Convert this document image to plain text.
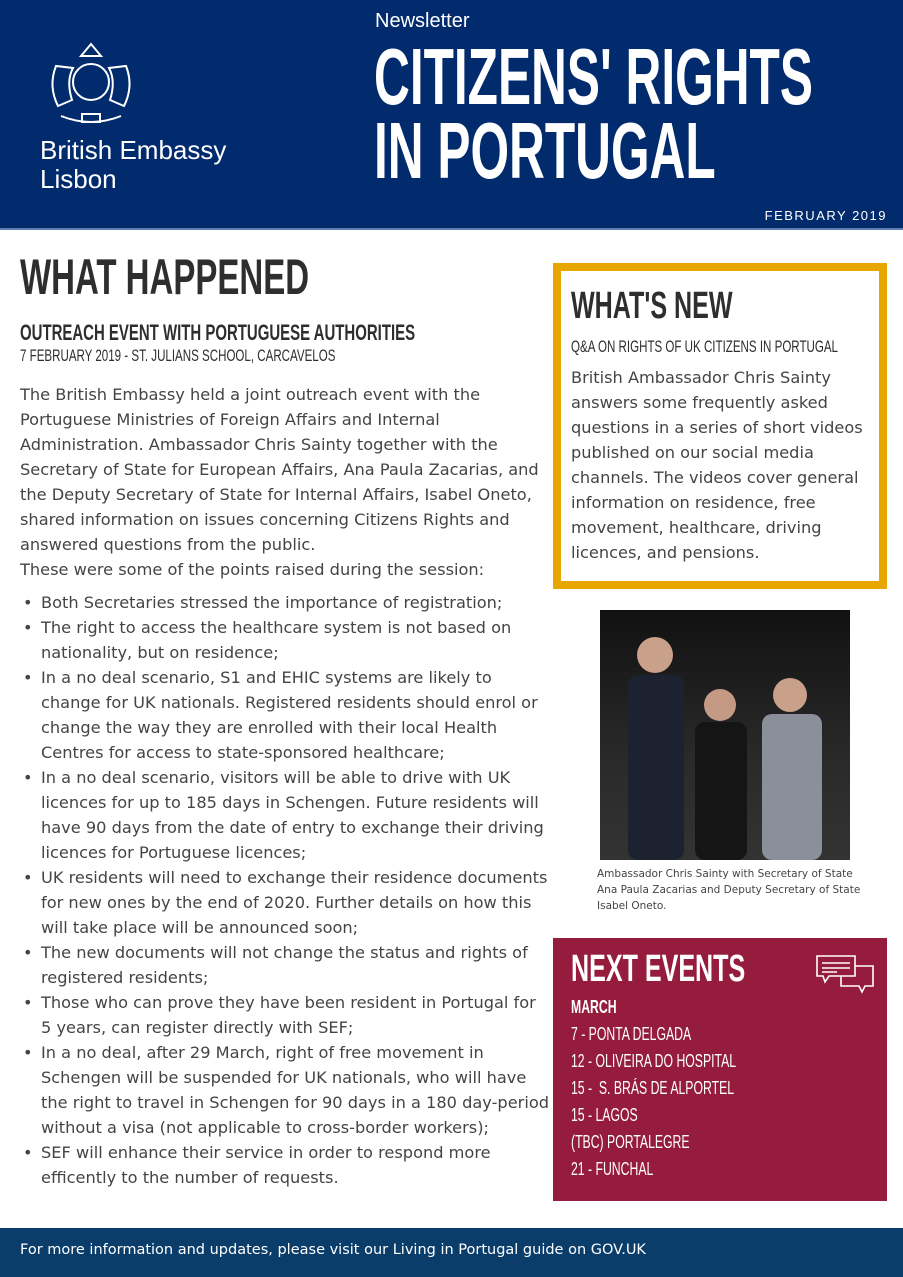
British Embassy
Lisbon
Newsletter
CITIZENS' RIGHTS
IN PORTUGAL
FEBRUARY 2019
WHAT HAPPENED
OUTREACH EVENT WITH PORTUGUESE AUTHORITIES
7 FEBRUARY 2019 - ST. JULIANS SCHOOL, CARCAVELOS

The British Embassy held a joint outreach event with the Portuguese Ministries of Foreign Affairs and Internal Administration. Ambassador Chris Sainty together with the Secretary of State for European Affairs, Ana Paula Zacarias, and the Deputy Secretary of State for Internal Affairs, Isabel Oneto, shared information on issues concerning Citizens Rights and answered questions from the public.

These were some of the points raised during the session:

• Both Secretaries stressed the importance of registration;
• The right to access the healthcare system is not based on nationality, but on residence;
• In a no deal scenario, S1 and EHIC systems are likely to change for UK nationals. Registered residents should enrol or change the way they are enrolled with their local Health Centres for access to state-sponsored healthcare;
• In a no deal scenario, visitors will be able to drive with UK licences for up to 185 days in Schengen. Future residents will have 90 days from the date of entry to exchange their driving licences for Portuguese licences;
• UK residents will need to exchange their residence documents for new ones by the end of 2020. Further details on how this will take place will be announced soon;
• The new documents will not change the status and rights of registered residents;
• Those who can prove they have been resident in Portugal for 5 years, can register directly with SEF;
• In a no deal, after 29 March, right of free movement in Schengen will be suspended for UK nationals, who will have the right to travel in Schengen for 90 days in a 180 day-period without a visa (not applicable to cross-border workers);
• SEF will enhance their service in order to respond more efficently to the number of requests.
WHAT'S NEW
Q&A ON RIGHTS OF UK CITIZENS IN PORTUGAL

British Ambassador Chris Sainty answers some frequently asked questions in a series of short videos published on our social media channels. The videos cover general information on residence, free movement, healthcare, driving licences, and pensions.

Ambassador Chris Sainty with Secretary of State Ana Paula Zacarias and Deputy Secretary of State Isabel Oneto.
NEXT EVENTS
MARCH
7 - PONTA DELGADA
12 - OLIVEIRA DO HOSPITAL
15 -  S. BRÁS DE ALPORTEL
15 - LAGOS
(TBC) PORTALEGRE
21 - FUNCHAL
For more information and updates, please visit our Living in Portugal guide on GOV.UK
